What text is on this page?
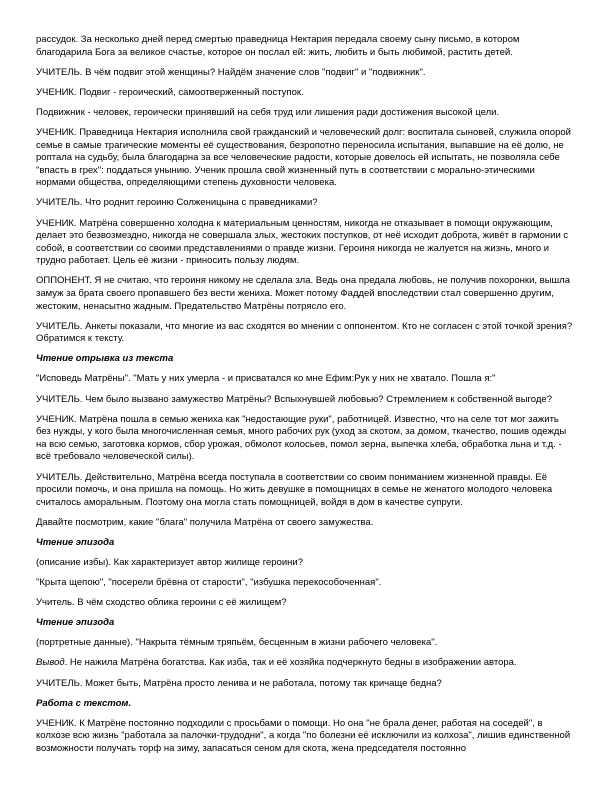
рассудок. За несколько дней перед смертью праведница Нектария передала своему сыну письмо, в котором благодарила Бога за великое счастье, которое он послал ей: жить, любить и быть любимой, растить детей.

УЧИТЕЛЬ. В чём подвиг этой женщины? Найдём значение слов "подвиг" и "подвижник".

УЧЕНИК. Подвиг - героический, самоотверженный поступок.

Подвижник - человек, героически принявший на себя труд или лишения ради достижения высокой цели.

УЧЕНИК. Праведница Нектария исполнила свой гражданский и человеческий долг: воспитала сыновей, служила опорой семье в самые трагические моменты её существования, безропотно переносила испытания, выпавшие на её долю, не роптала на судьбу, была благодарна за все человеческие радости, которые довелось ей испытать, не позволяла себе "впасть в грех": поддаться унынию. Ученик прошла свой жизненный путь в соответствии с морально-этическими нормами общества, определяющими степень духовности человека.

УЧИТЕЛЬ. Что роднит героиню Солженицына с праведниками?

УЧЕНИК. Матрёна совершенно холодна к материальным ценностям, никогда не отказывает в помощи окружающим, делает это безвозмездно, никогда не совершала злых, жестоких поступков, от неё исходит доброта, живёт в гармонии с собой, в соответствии со своими представлениями о правде жизни. Героиня никогда не жалуется на жизнь, много и трудно работает. Цель её жизни - приносить пользу людям.

ОППОНЕНТ. Я не считаю, что героиня никому не сделала зла. Ведь она предала любовь, не получив похоронки, вышла замуж за брата своего пропавшего без вести жениха. Может потому Фаддей впоследствии стал совершенно другим, жестоким, ненасытно жадным. Предательство Матрёны потрясло его.

УЧИТЕЛЬ. Анкеты показали, что многие из вас сходятся во мнении с оппонентом. Кто не согласен с этой точкой зрения? Обратимся к тексту.

Чтение отрывка из текста

"Исповедь Матрёны". "Мать у них умерла - и присватался ко мне Ефим:Рук у них не хватало. Пошла я:"

УЧИТЕЛЬ. Чем было вызвано замужество Матрёны? Вспыхнувшей любовью? Стремлением к собственной выгоде?

УЧЕНИК. Матрёна пошла в семью жениха как "недостающие руки", работницей. Известно, что на селе тот мог зажить без нужды, у кого была многочисленная семья, много рабочих рук (уход за скотом, за домом, ткачество, пошив одежды на всю семью, заготовка кормов, сбор урожая, обмолот колосьев, помол зерна, выпечка хлеба, обработка льна и т.д. - всё требовало человеческой силы).

УЧИТЕЛЬ. Действительно, Матрёна всегда поступала в соответствии со своим пониманием жизненной правды. Её просили помочь, и она пришла на помощь. Но жить девушке в помощницах в семье не женатого молодого человека считалось аморальным. Поэтому она могла стать помощницей, войдя в дом в качестве супруги.

Давайте посмотрим, какие "блага" получила Матрёна от своего замужества.

Чтение эпизода

(описание избы). Как характеризует автор жилище героини?

"Крыта щепою", "посерели брёвна от старости", "избушка перекособоченная".

Учитель. В чём сходство облика героини с её жилищем?

Чтение эпизода

(портретные данные). "Накрыта тёмным тряпьём, бесценным в жизни рабочего человека".

Вывод. Не нажила Матрёна богатства. Как изба, так и её хозяйка подчеркнуто бедны в изображении автора.

УЧИТЕЛЬ. Может быть, Матрёна просто ленива и не работала, потому так кричаще бедна?

Работа с текстом.

УЧЕНИК. К Матрёне постоянно подходили с просьбами о помощи. Но она "не брала денег, работая на соседей", в колхозе всю жизнь "работала за палочки-трудодни", а когда "по болезни её исключили из колхоза", лишив единственной возможности получать торф на зиму, запасаться сеном для скота, жена председателя постоянно
